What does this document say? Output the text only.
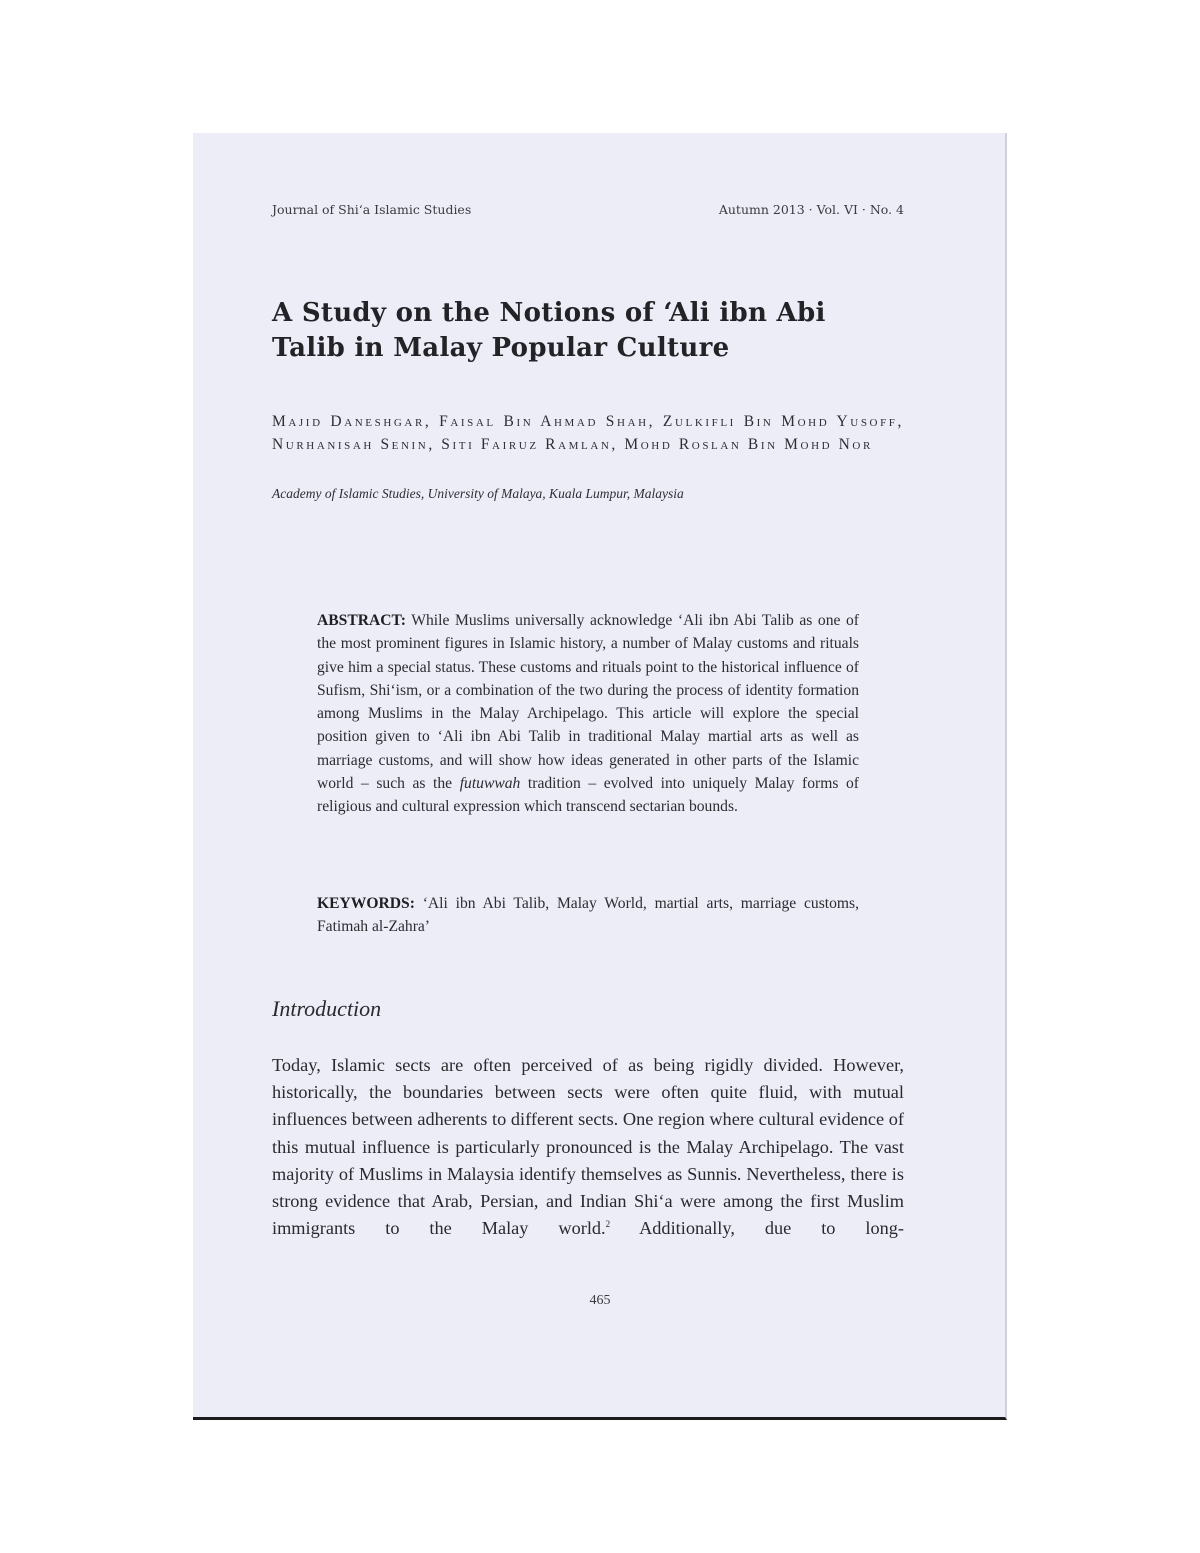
Journal of Shi‘a Islamic Studies	Autumn 2013 · Vol. VI · No. 4
A Study on the Notions of ‘Ali ibn Abi Talib in Malay Popular Culture
Majid Daneshgar, Faisal Bin Ahmad Shah, Zulkifli Bin Mohd Yusoff, Nurhanisah Senin, Siti Fairuz Ramlan, Mohd Roslan Bin Mohd Nor
Academy of Islamic Studies, University of Malaya, Kuala Lumpur, Malaysia
ABSTRACT: While Muslims universally acknowledge ‘Ali ibn Abi Talib as one of the most prominent figures in Islamic history, a number of Malay customs and rituals give him a special status. These customs and rituals point to the historical influence of Sufism, Shi‘ism, or a combination of the two during the process of identity formation among Muslims in the Malay Archipelago. This article will explore the special position given to ‘Ali ibn Abi Talib in traditional Malay martial arts as well as marriage customs, and will show how ideas generated in other parts of the Islamic world – such as the futuwwah tradition – evolved into uniquely Malay forms of religious and cultural expression which transcend sectarian bounds.
KEYWORDS: ‘Ali ibn Abi Talib, Malay World, martial arts, marriage customs, Fatimah al-Zahra’
Introduction
Today, Islamic sects are often perceived of as being rigidly divided. However, historically, the boundaries between sects were often quite fluid, with mutual influences between adherents to different sects. One region where cultural evidence of this mutual influence is particularly pronounced is the Malay Archipelago. The vast majority of Muslims in Malaysia identify themselves as Sunnis. Nevertheless, there is strong evidence that Arab, Persian, and Indian Shi‘a were among the first Muslim immigrants to the Malay world.$^2$ Additionally, due to long-
465
